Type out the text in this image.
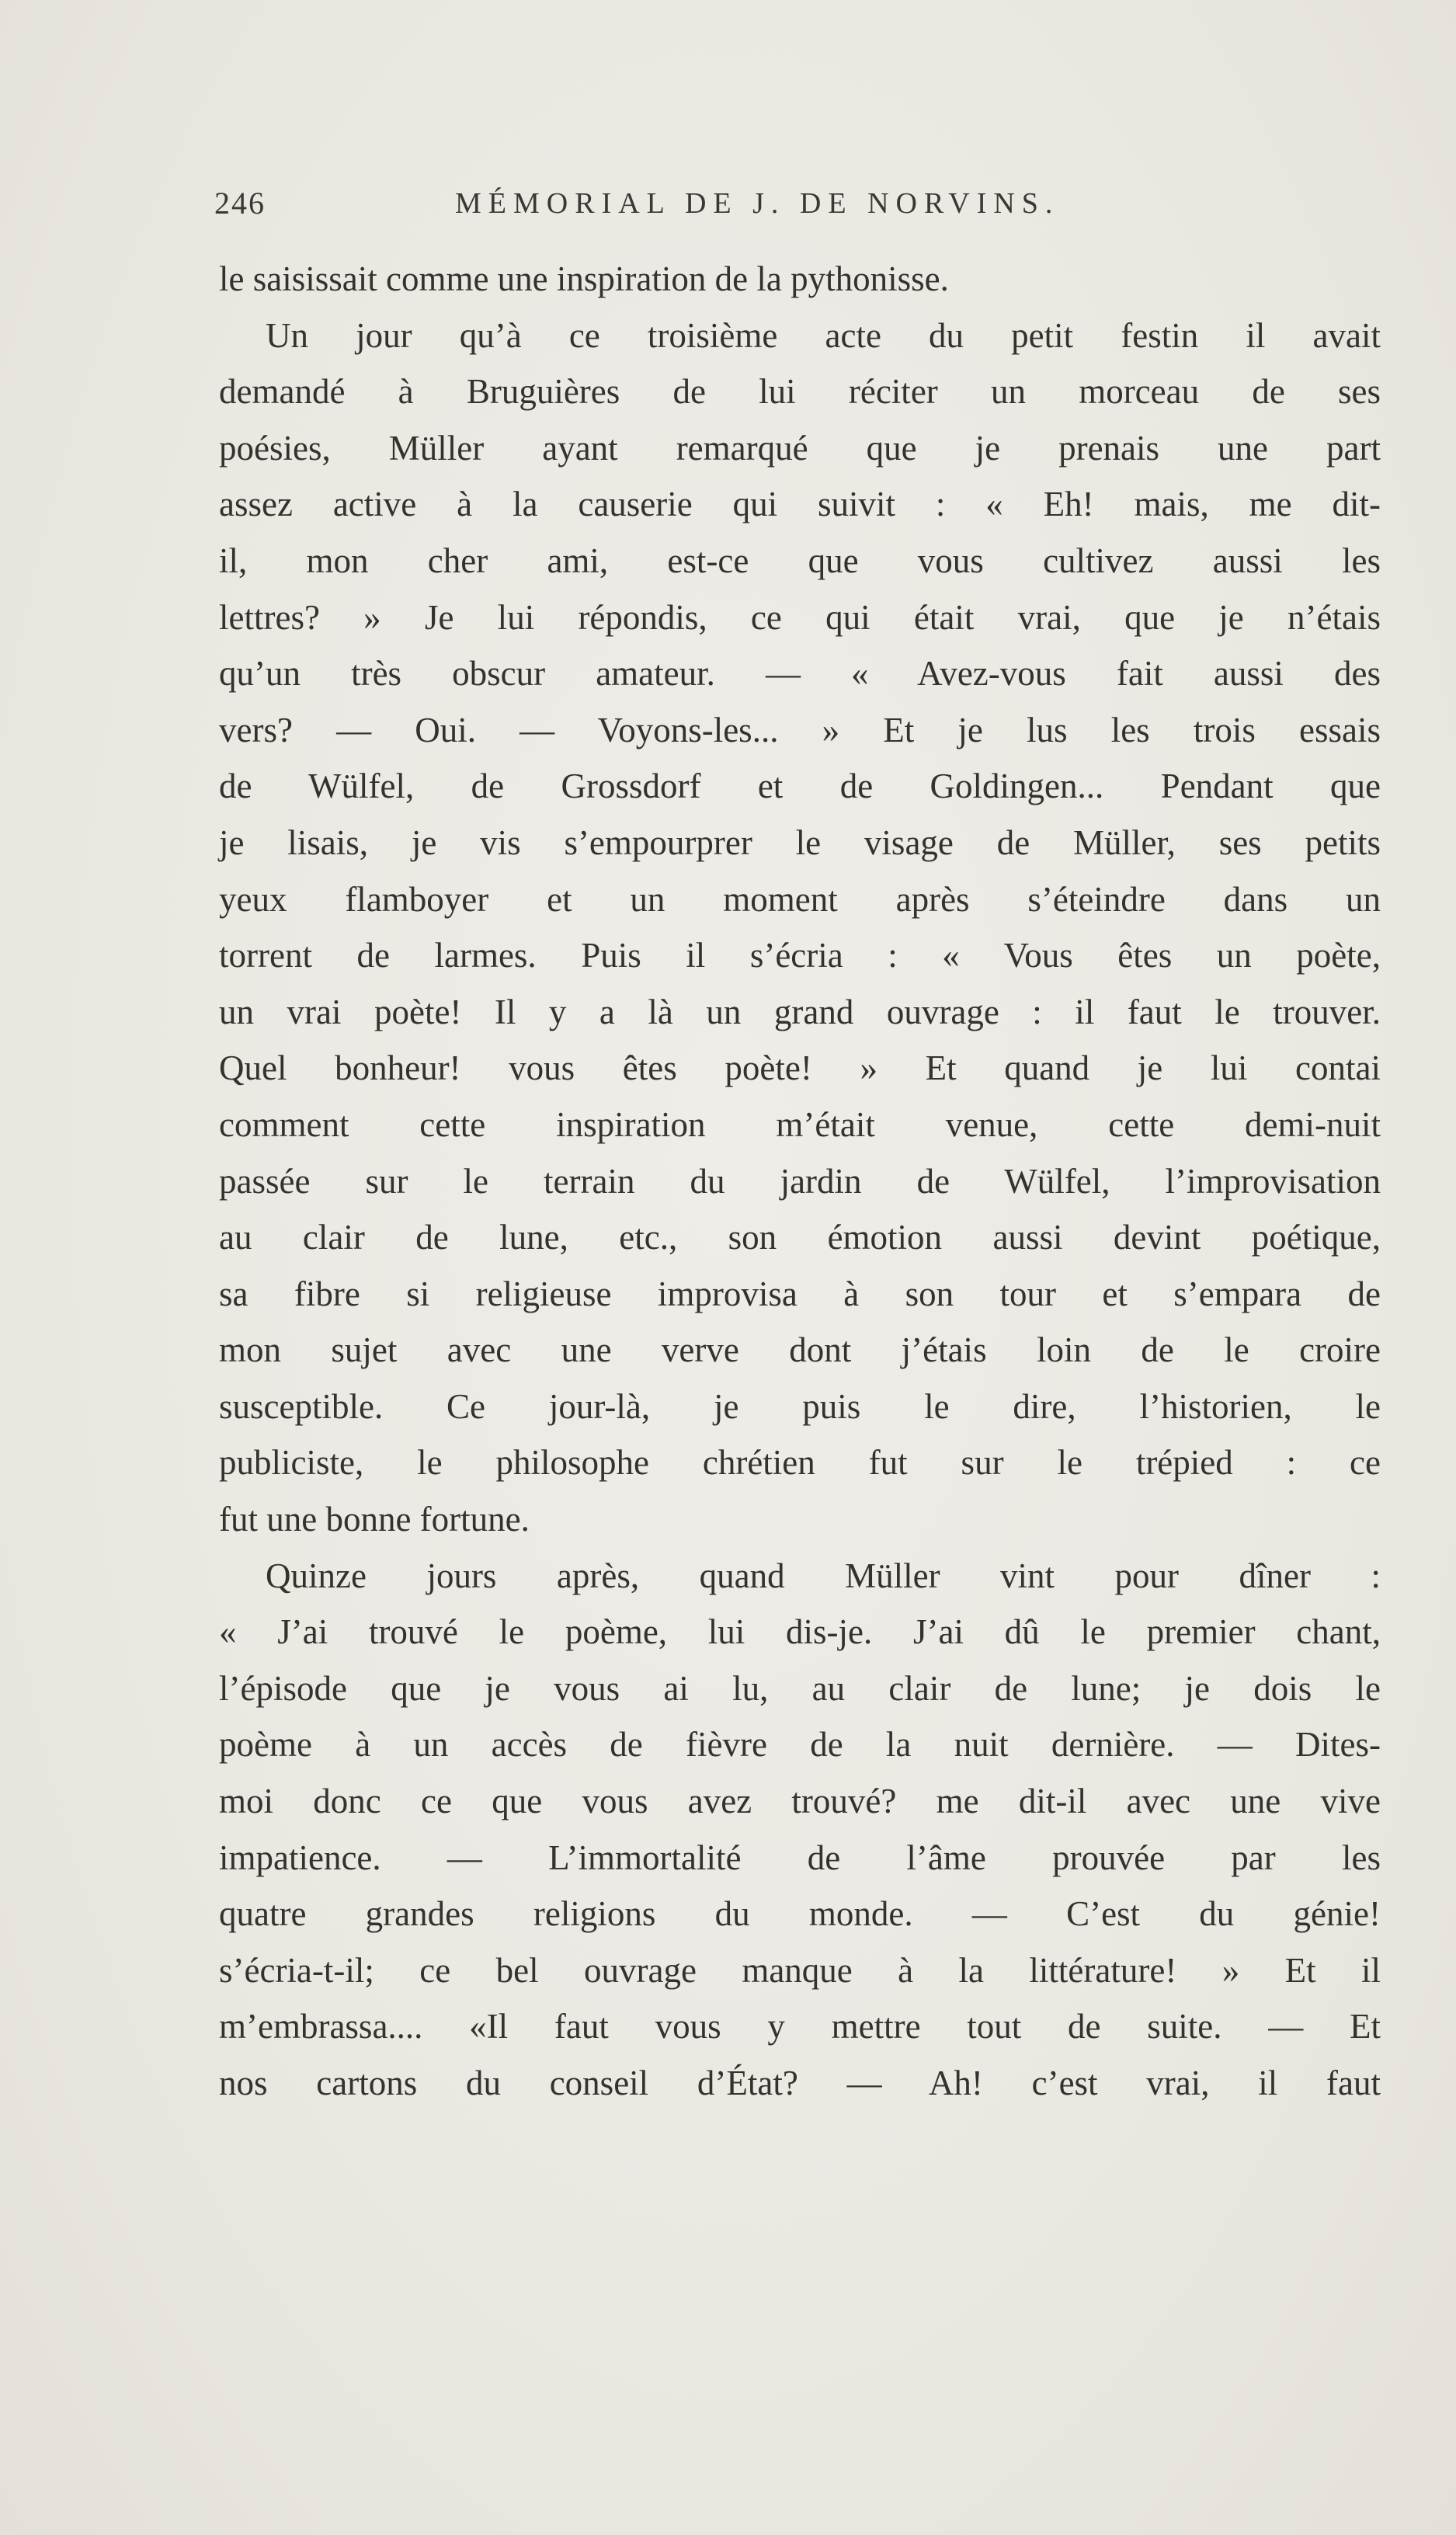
246	MÉMORIAL DE J. DE NORVINS.
le saisissait comme une inspiration de la pythonisse.
Un jour qu’à ce troisième acte du petit festin il avait
demandé à Bruguières de lui réciter un morceau de ses
poésies, Müller ayant remarqué que je prenais une part
assez active à la causerie qui suivit : « Eh! mais, me dit-
il, mon cher ami, est-ce que vous cultivez aussi les
lettres? » Je lui répondis, ce qui était vrai, que je n’étais
qu’un très obscur amateur. — « Avez-vous fait aussi des
vers? — Oui. — Voyons-les... » Et je lus les trois essais
de Wülfel, de Grossdorf et de Goldingen... Pendant que
je lisais, je vis s’empourprer le visage de Müller, ses petits
yeux flamboyer et un moment après s’éteindre dans un
torrent de larmes. Puis il s’écria : « Vous êtes un poète,
un vrai poète! Il y a là un grand ouvrage : il faut le trouver.
Quel bonheur! vous êtes poète! » Et quand je lui contai
comment cette inspiration m’était venue, cette demi-nuit
passée sur le terrain du jardin de Wülfel, l’improvisation
au clair de lune, etc., son émotion aussi devint poétique,
sa fibre si religieuse improvisa à son tour et s’empara de
mon sujet avec une verve dont j’étais loin de le croire
susceptible. Ce jour-là, je puis le dire, l’historien, le
publiciste, le philosophe chrétien fut sur le trépied : ce
fut une bonne fortune.
Quinze jours après, quand Müller vint pour dîner :
« J’ai trouvé le poème, lui dis-je. J’ai dû le premier chant,
l’épisode que je vous ai lu, au clair de lune; je dois le
poème à un accès de fièvre de la nuit dernière. — Dites-
moi donc ce que vous avez trouvé? me dit-il avec une vive
impatience. — L’immortalité de l’âme prouvée par les
quatre grandes religions du monde. — C’est du génie!
s’écria-t-il; ce bel ouvrage manque à la littérature! » Et il
m’embrassa.... «Il faut vous y mettre tout de suite. — Et
nos cartons du conseil d’État? — Ah! c’est vrai, il faut
